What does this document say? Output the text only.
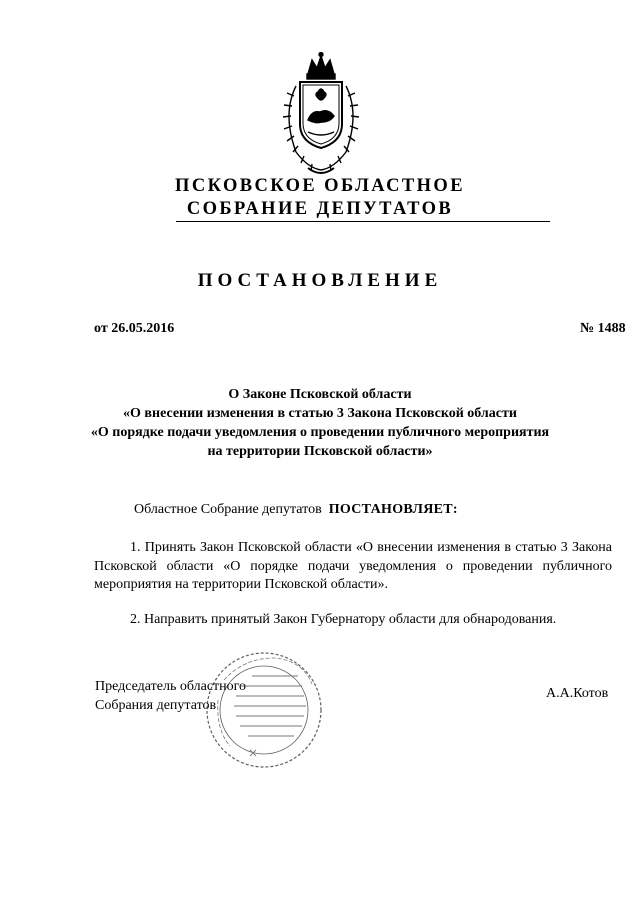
ПСКОВСКОЕ ОБЛАСТНОЕ
СОБРАНИЕ ДЕПУТАТОВ
ПОСТАНОВЛЕНИЕ
от 26.05.2016	№ 1488
О Законе Псковской области
«О внесении изменения в статью 3 Закона Псковской области
«О порядке подачи уведомления о проведении публичного мероприятия
на территории Псковской области»
Областное Собрание депутатов ПОСТАНОВЛЯЕТ:
1. Принять Закон Псковской области «О внесении изменения в статью 3 Закона Псковской области «О порядке подачи уведомления о проведении публичного мероприятия на территории Псковской области».
2. Направить принятый Закон Губернатору области для обнародования.
Председатель областного
Собрания депутатов
А.А.Котов
